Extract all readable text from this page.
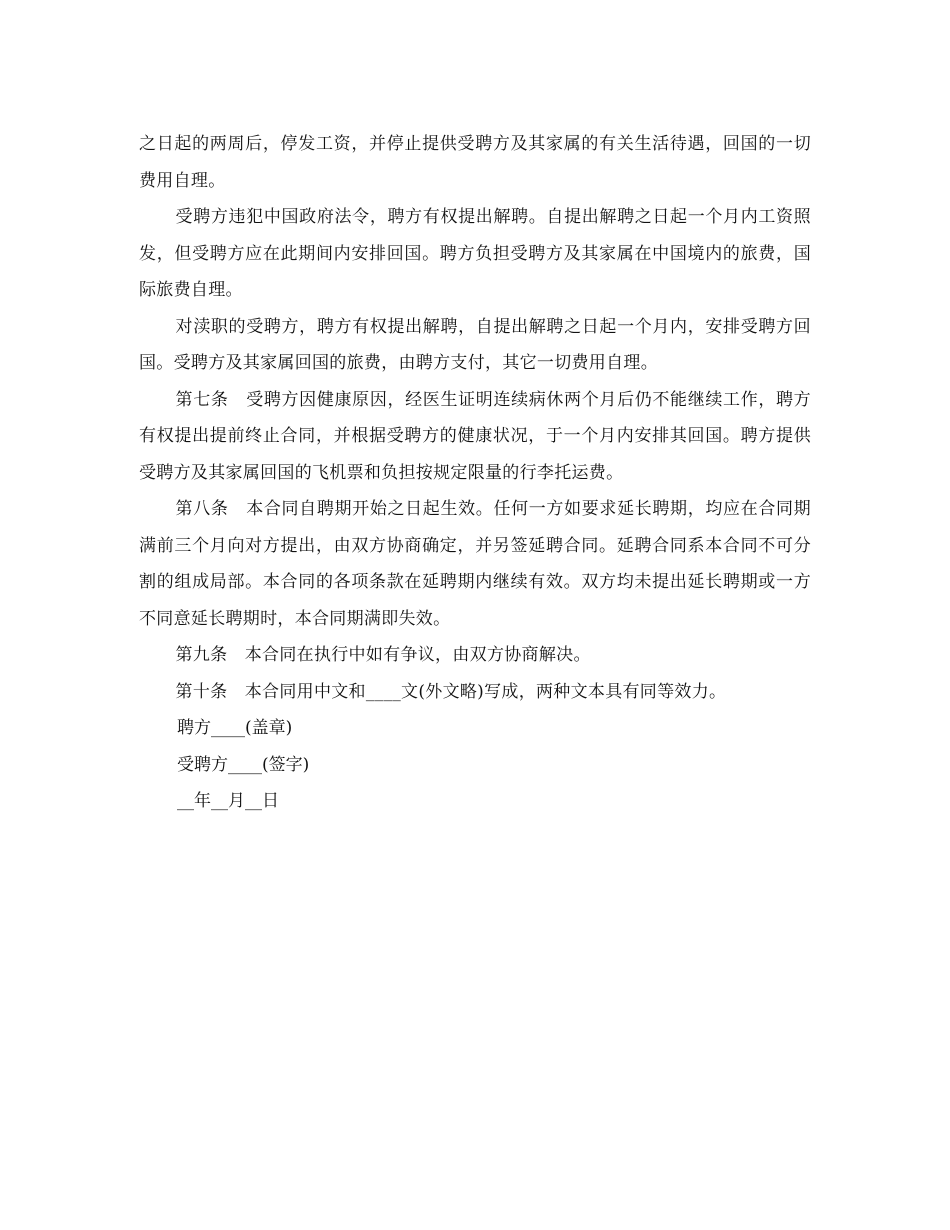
之日起的两周后，停发工资，并停止提供受聘方及其家属的有关生活待遇，回国的一切费用自理。

受聘方违犯中国政府法令，聘方有权提出解聘。自提出解聘之日起一个月内工资照发，但受聘方应在此期间内安排回国。聘方负担受聘方及其家属在中国境内的旅费，国际旅费自理。

对渎职的受聘方，聘方有权提出解聘，自提出解聘之日起一个月内，安排受聘方回国。受聘方及其家属回国的旅费，由聘方支付，其它一切费用自理。

第七条　受聘方因健康原因，经医生证明连续病休两个月后仍不能继续工作，聘方有权提出提前终止合同，并根据受聘方的健康状况，于一个月内安排其回国。聘方提供受聘方及其家属回国的飞机票和负担按规定限量的行李托运费。

第八条　本合同自聘期开始之日起生效。任何一方如要求延长聘期，均应在合同期满前三个月向对方提出，由双方协商确定，并另签延聘合同。延聘合同系本合同不可分割的组成局部。本合同的各项条款在延聘期内继续有效。双方均未提出延长聘期或一方不同意延长聘期时，本合同期满即失效。

第九条　本合同在执行中如有争议，由双方协商解决。

第十条　本合同用中文和____文(外文略)写成，两种文本具有同等效力。

聘方____(盖章)

受聘方____(签字)

__年__月__日
